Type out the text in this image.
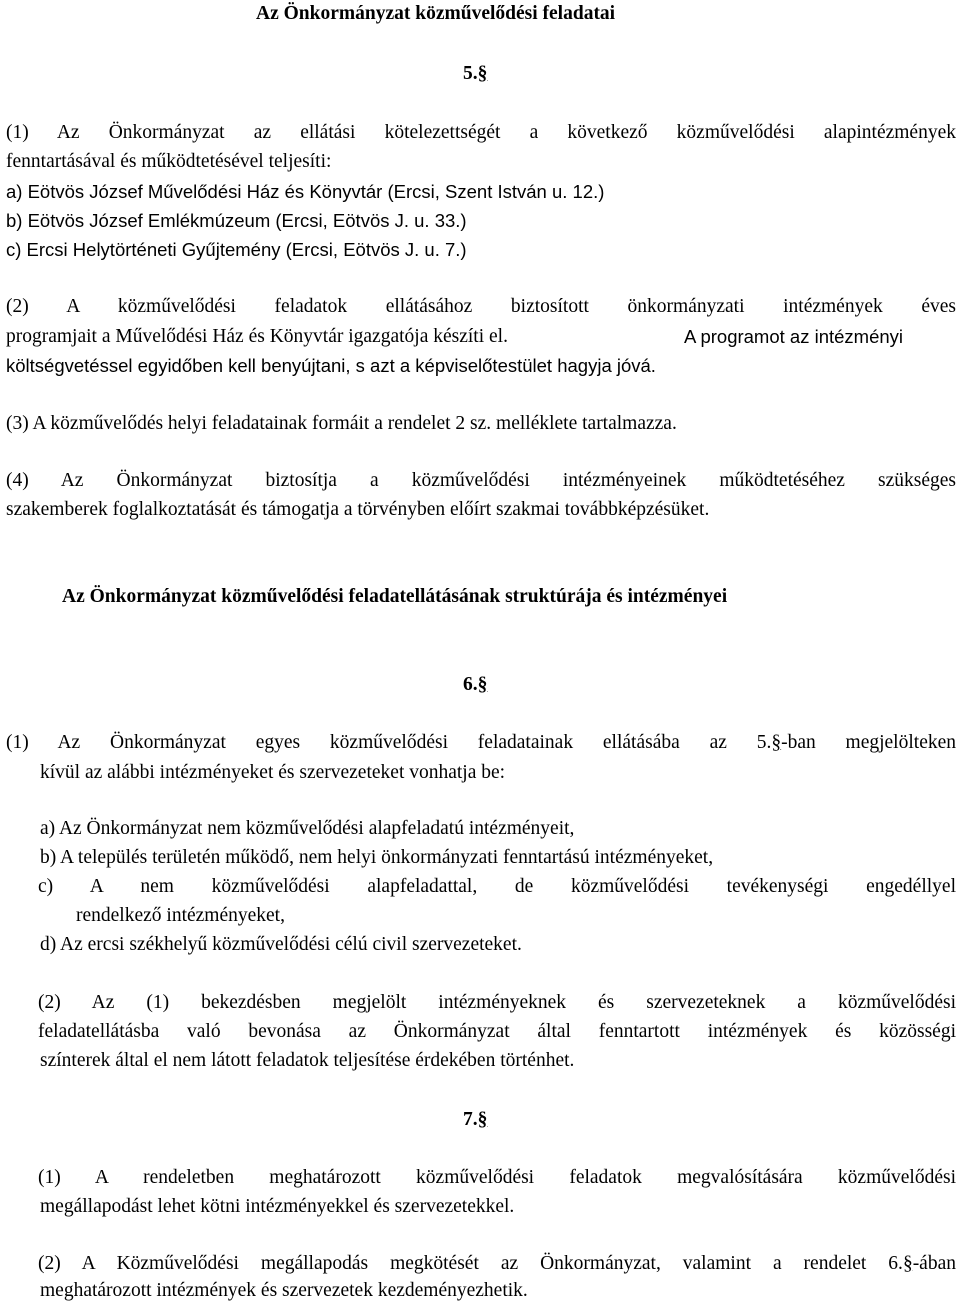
Az Önkormányzat közművelődési feladatai
5.§
(1) Az Önkormányzat az ellátási kötelezettségét a következő közművelődési alapintézmények
fenntartásával és működtetésével teljesíti:
a) Eötvös József Művelődési Ház és Könyvtár (Ercsi, Szent István u. 12.)
b) Eötvös József Emlékmúzeum (Ercsi, Eötvös J. u. 33.)
c) Ercsi Helytörténeti Gyűjtemény (Ercsi, Eötvös J. u. 7.)
(2) A közművelődési feladatok ellátásához biztosított önkormányzati intézmények éves
programjait a Művelődési Ház és Könyvtár igazgatója készíti el.	A programot az intézményi
költségvetéssel egyidőben kell benyújtani, s azt a képviselőtestület hagyja jóvá.
(3) A közművelődés helyi feladatainak formáit a rendelet 2 sz. melléklete tartalmazza.
(4) Az Önkormányzat biztosítja a közművelődési intézményeinek működtetéséhez szükséges
szakemberek foglalkoztatását és támogatja a törvényben előírt szakmai továbbképzésüket.
Az Önkormányzat közművelődési feladatellátásának struktúrája és intézményei
6.§
(1) Az Önkormányzat egyes közművelődési feladatainak ellátásába az 5.§-ban megjelölteken
kívül az alábbi intézményeket és szervezeteket vonhatja be:
a) Az Önkormányzat nem közművelődési alapfeladatú intézményeit,
b) A település területén működő, nem helyi önkormányzati fenntartású intézményeket,
c) A nem közművelődési alapfeladattal, de közművelődési tevékenységi engedéllyel
rendelkező intézményeket,
d) Az ercsi székhelyű közművelődési célú civil szervezeteket.
(2) Az (1) bekezdésben megjelölt intézményeknek és szervezeteknek a közművelődési
feladatellátásba való bevonása az Önkormányzat által fenntartott intézmények és közösségi
színterek által el nem látott feladatok teljesítése érdekében történhet.
7.§
(1) A rendeletben meghatározott közművelődési feladatok megvalósítására közművelődési
megállapodást lehet kötni intézményekkel és szervezetekkel.
(2) A Közművelődési megállapodás megkötését az Önkormányzat, valamint a rendelet 6.§-ában
meghatározott intézmények és szervezetek kezdeményezhetik.
